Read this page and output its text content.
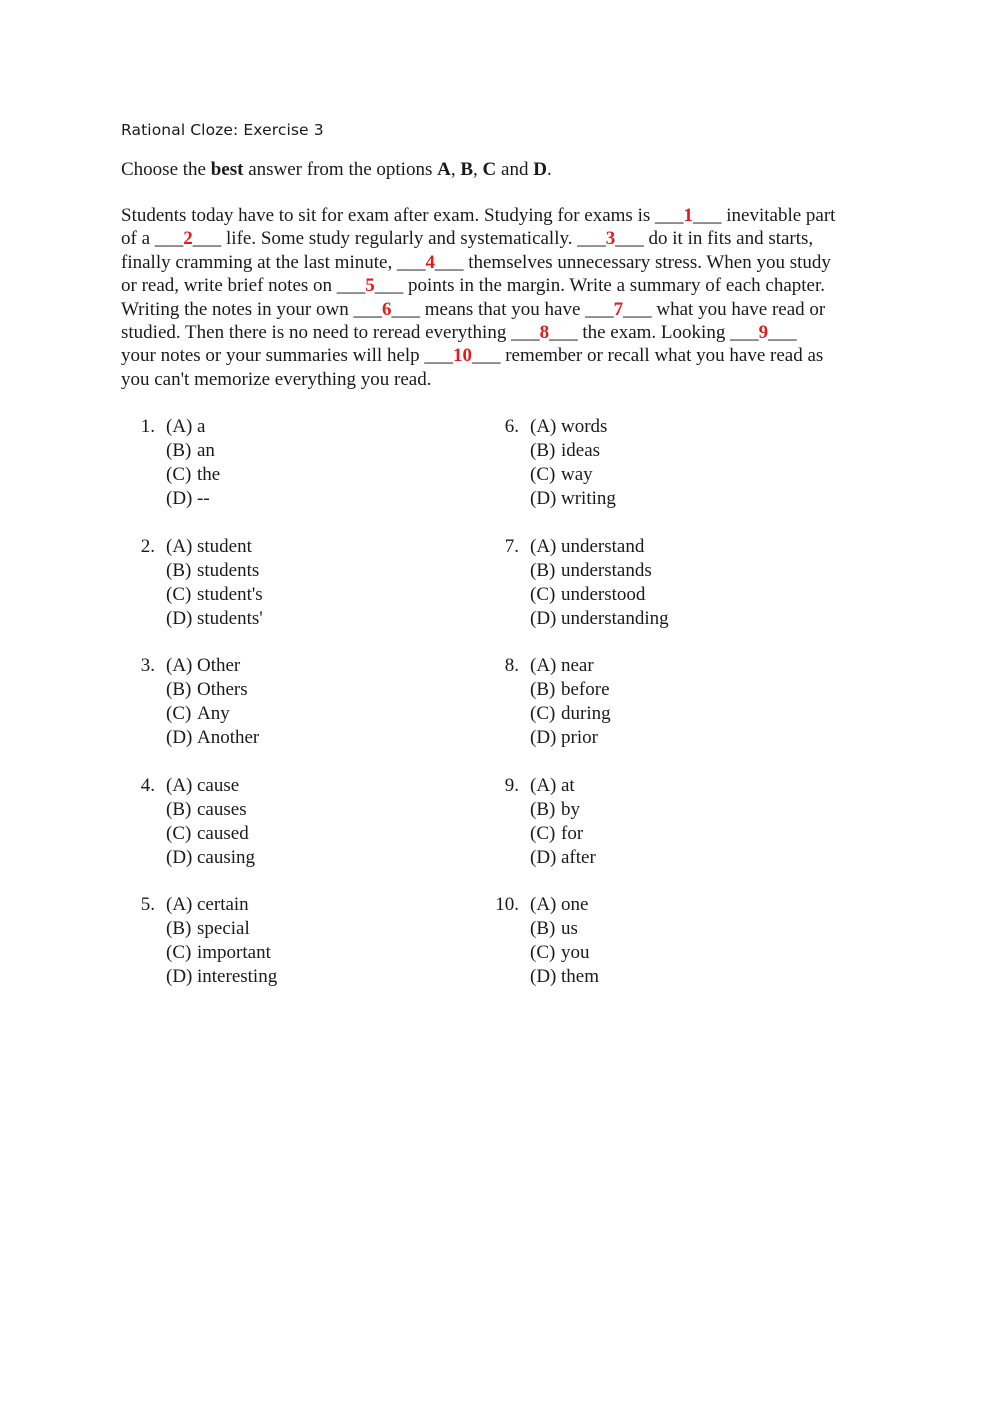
Rational Cloze: Exercise 3
Choose the best answer from the options A, B, C and D.
Students today have to sit for exam after exam. Studying for exams is ___1___ inevitable part
of a ___2___ life. Some study regularly and systematically. ___3___ do it in fits and starts,
finally cramming at the last minute, ___4___ themselves unnecessary stress. When you study
or read, write brief notes on ___5___ points in the margin. Write a summary of each chapter.
Writing the notes in your own ___6___ means that you have ___7___ what you have read or
studied. Then there is no need to reread everything ___8___ the exam. Looking ___9___
your notes or your summaries will help ___10___ remember or recall what you have read as
you can't memorize everything you read.
1. (A) a
(B) an
(C) the
(D) --
2. (A) student
(B) students
(C) student's
(D) students'
3. (A) Other
(B) Others
(C) Any
(D) Another
4. (A) cause
(B) causes
(C) caused
(D) causing
5. (A) certain
(B) special
(C) important
(D) interesting
6. (A) words
(B) ideas
(C) way
(D) writing
7. (A) understand
(B) understands
(C) understood
(D) understanding
8. (A) near
(B) before
(C) during
(D) prior
9. (A) at
(B) by
(C) for
(D) after
10. (A) one
(B) us
(C) you
(D) them
